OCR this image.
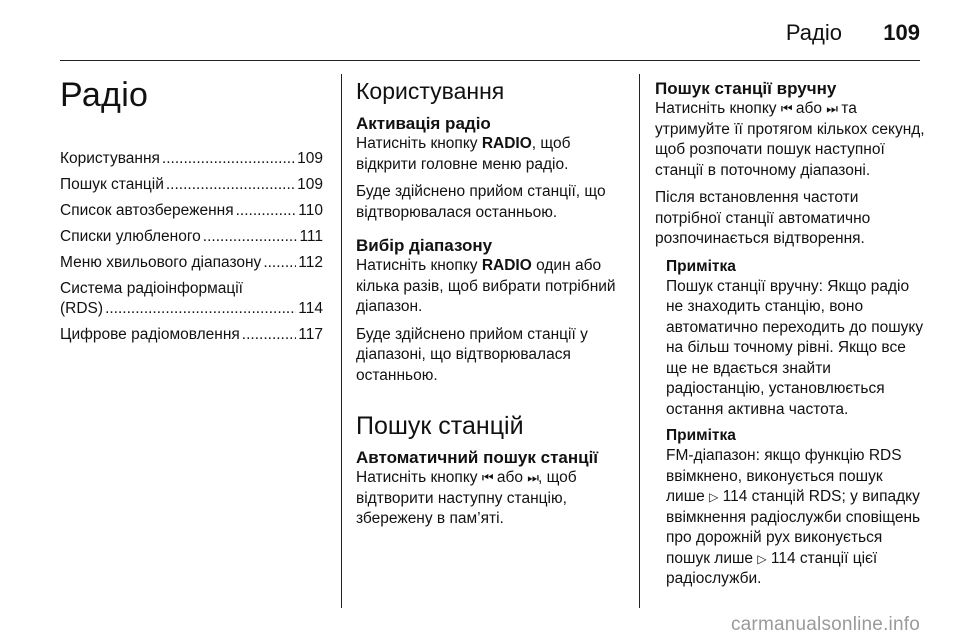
Радіо 109
Радіо
Користування .....	109
Пошук станцій .....	109
Список автозбереження .....	110
Списки улюбленого .....	111
Меню хвильового діапазону ..... 112
Система радіоінформації
(RDS) .....	114
Цифрове радіомовлення .....	117
Користування
Активація радіо

Натисніть кнопку RADIO, щоб відкрити головне меню радіо.

Буде здійснено прийом станції, що відтворювалася останньою.

Вибір діапазону

Натисніть кнопку RADIO один або кілька разів, щоб вибрати потрібний діапазон.

Буде здійснено прийом станції у діапазоні, що відтворювалася останньою.

Пошук станцій
Автоматичний пошук станції

Натисніть кнопку ⏮ або ⏭, щоб відтворити наступну станцію, збережену в пам’яті.

Пошук станції вручну

Натисніть кнопку ⏮ або ⏭ та утримуйте її протягом кількох секунд, щоб розпочати пошук наступної станції в поточному діапазоні.

Після встановлення частоти потрібної станції автоматично розпочинається відтворення.

Примітка

Пошук станції вручну: Якщо радіо не знаходить станцію, воно автоматично переходить до пошуку на більш точному рівні. Якщо все ще не вдається знайти радіостанцію, установлюється остання активна частота.

Примітка

FM-діапазон: якщо функцію RDS ввімкнено, виконується пошук лише ▷ 114 станцій RDS; у випадку ввімкнення радіослужби сповіщень про дорожній рух виконується пошук лише ▷ 114 станції цієї радіослужби.

carmanualsonline.info
